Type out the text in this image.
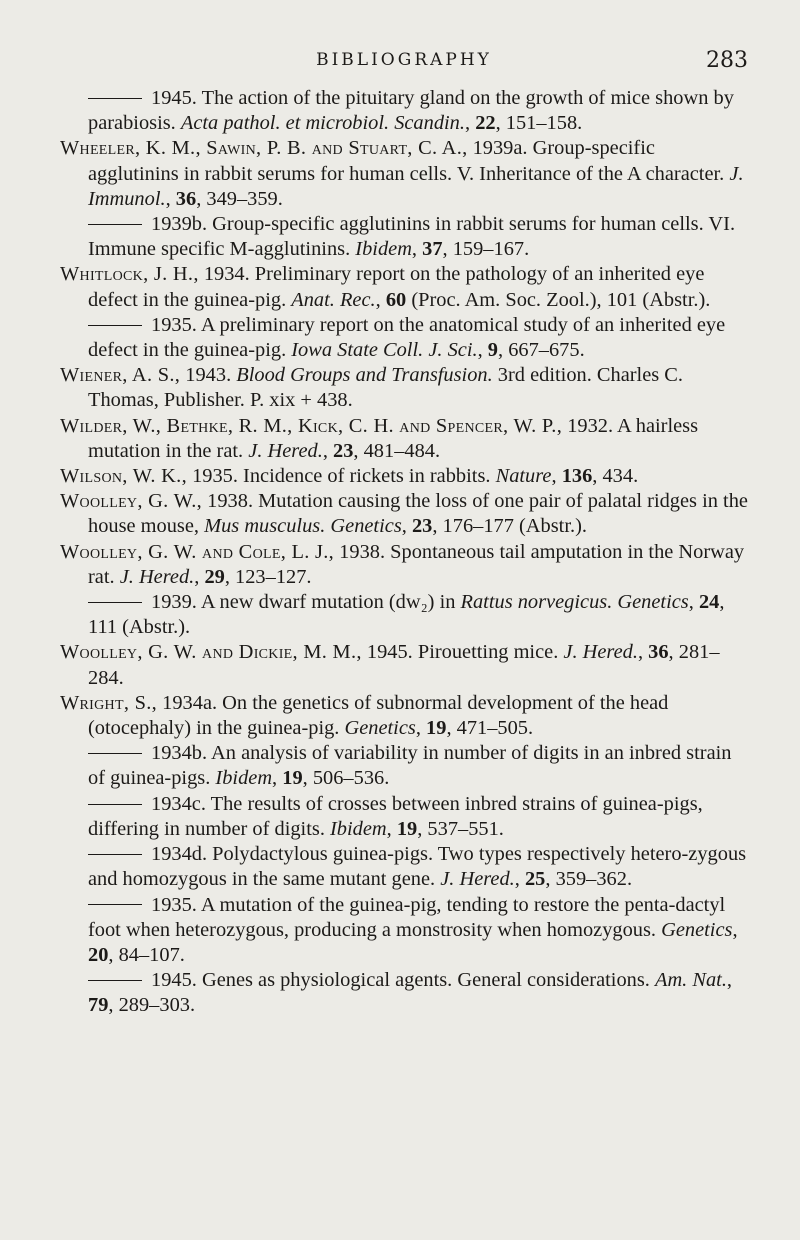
BIBLIOGRAPHY	283
1945. The action of the pituitary gland on the growth of mice shown by parabiosis. Acta pathol. et microbiol. Scandin., 22, 151–158.
Wheeler, K. M., Sawin, P. B. and Stuart, C. A., 1939a. Group-specific agglutinins in rabbit serums for human cells. V. Inheritance of the A character. J. Immunol., 36, 349–359.
1939b. Group-specific agglutinins in rabbit serums for human cells. VI. Immune specific M-agglutinins. Ibidem, 37, 159–167.
Whitlock, J. H., 1934. Preliminary report on the pathology of an inherited eye defect in the guinea-pig. Anat. Rec., 60 (Proc. Am. Soc. Zool.), 101 (Abstr.).
1935. A preliminary report on the anatomical study of an inherited eye defect in the guinea-pig. Iowa State Coll. J. Sci., 9, 667–675.
Wiener, A. S., 1943. Blood Groups and Transfusion. 3rd edition. Charles C. Thomas, Publisher. P. xix + 438.
Wilder, W., Bethke, R. M., Kick, C. H. and Spencer, W. P., 1932. A hairless mutation in the rat. J. Hered., 23, 481–484.
Wilson, W. K., 1935. Incidence of rickets in rabbits. Nature, 136, 434.
Woolley, G. W., 1938. Mutation causing the loss of one pair of palatal ridges in the house mouse, Mus musculus. Genetics, 23, 176–177 (Abstr.).
Woolley, G. W. and Cole, L. J., 1938. Spontaneous tail amputation in the Norway rat. J. Hered., 29, 123–127.
1939. A new dwarf mutation (dw₂) in Rattus norvegicus. Genetics, 24, 111 (Abstr.).
Woolley, G. W. and Dickie, M. M., 1945. Pirouetting mice. J. Hered., 36, 281–284.
Wright, S., 1934a. On the genetics of subnormal development of the head (otocephaly) in the guinea-pig. Genetics, 19, 471–505.
1934b. An analysis of variability in number of digits in an inbred strain of guinea-pigs. Ibidem, 19, 506–536.
1934c. The results of crosses between inbred strains of guinea-pigs, differing in number of digits. Ibidem, 19, 537–551.
1934d. Polydactylous guinea-pigs. Two types respectively hetero-zygous and homozygous in the same mutant gene. J. Hered., 25, 359–362.
1935. A mutation of the guinea-pig, tending to restore the penta-dactyl foot when heterozygous, producing a monstrosity when homozygous. Genetics, 20, 84–107.
1945. Genes as physiological agents. General considerations. Am. Nat., 79, 289–303.
